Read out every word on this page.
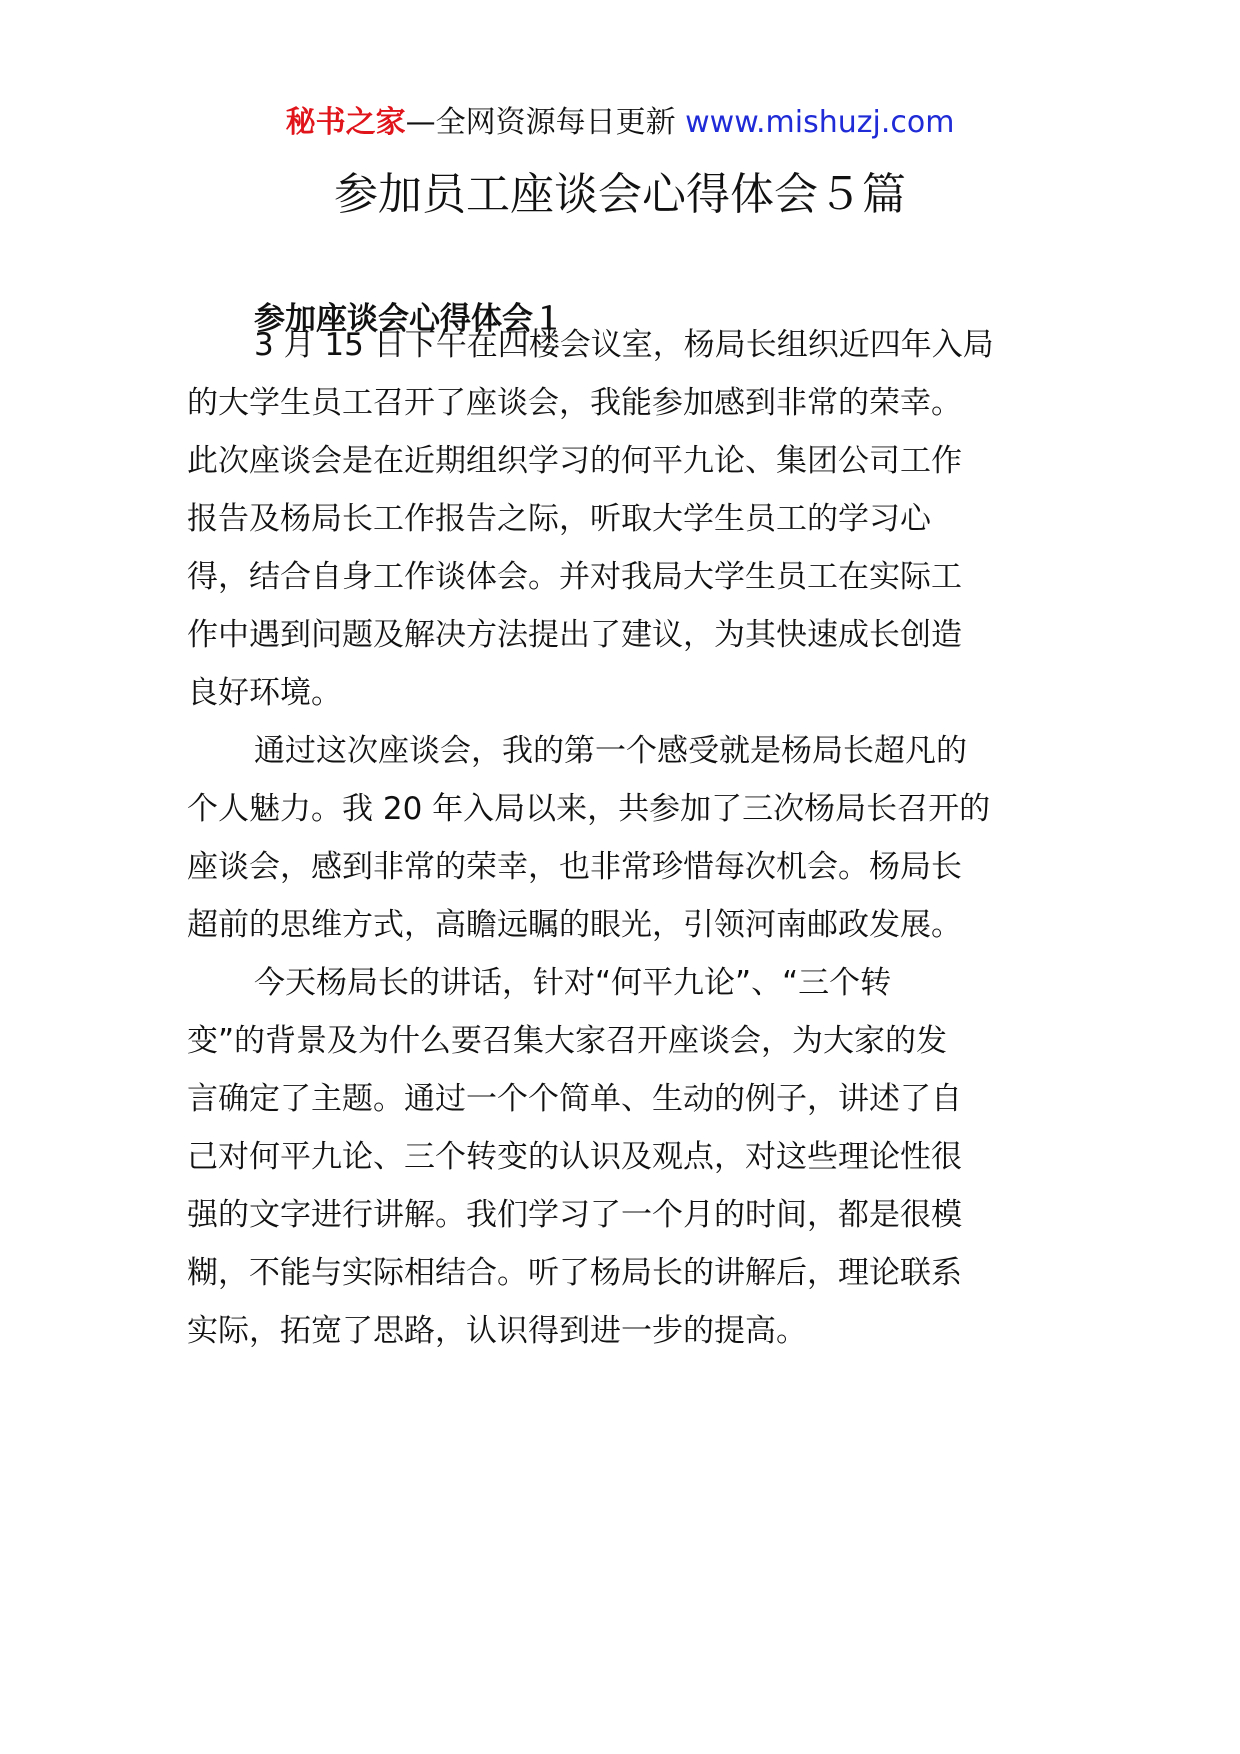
秘书之家—全网资源每日更新 www.mishuzj.com
参加员工座谈会心得体会５篇
参加座谈会心得体会１
3 月 15 日下午在四楼会议室，杨局长组织近四年入局
的大学生员工召开了座谈会，我能参加感到非常的荣幸。
此次座谈会是在近期组织学习的何平九论、集团公司工作
报告及杨局长工作报告之际，听取大学生员工的学习心
得，结合自身工作谈体会。并对我局大学生员工在实际工
作中遇到问题及解决方法提出了建议，为其快速成长创造
良好环境。
通过这次座谈会，我的第一个感受就是杨局长超凡的
个人魅力。我 20 年入局以来，共参加了三次杨局长召开的
座谈会，感到非常的荣幸，也非常珍惜每次机会。杨局长
超前的思维方式，高瞻远瞩的眼光，引领河南邮政发展。
今天杨局长的讲话，针对“何平九论”、“三个转
变”的背景及为什么要召集大家召开座谈会，为大家的发
言确定了主题。通过一个个简单、生动的例子，讲述了自
己对何平九论、三个转变的认识及观点，对这些理论性很
强的文字进行讲解。我们学习了一个月的时间，都是很模
糊，不能与实际相结合。听了杨局长的讲解后，理论联系
实际，拓宽了思路，认识得到进一步的提高。
